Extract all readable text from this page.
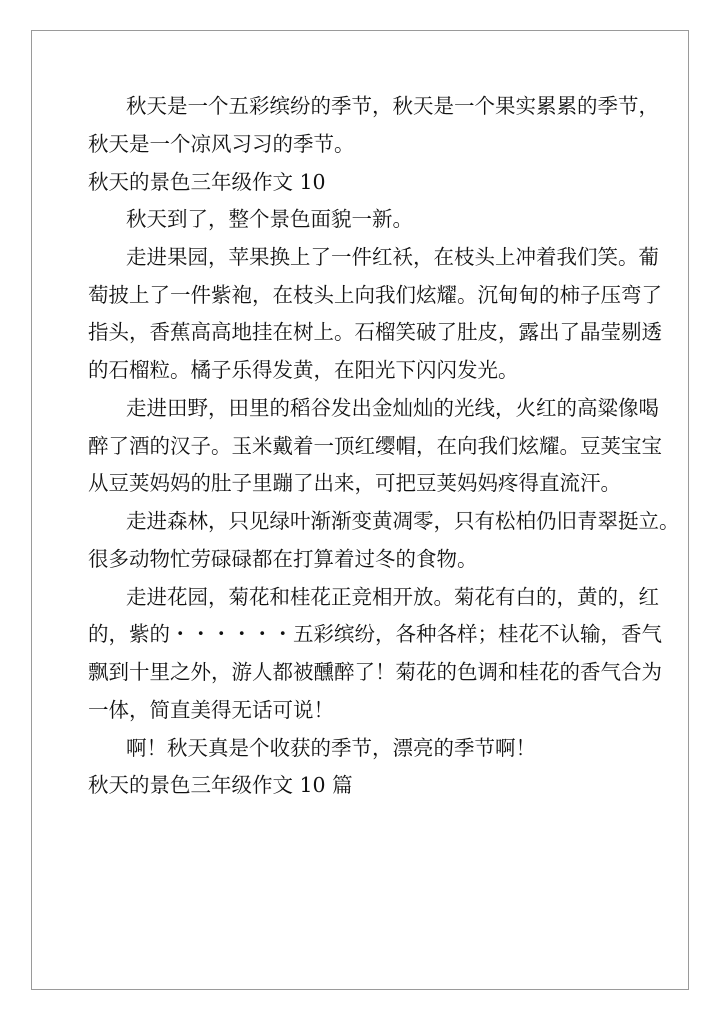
秋天是一个五彩缤纷的季节，秋天是一个果实累累的季节，
秋天是一个凉风习习的季节。
秋天的景色三年级作文 10
秋天到了，整个景色面貌一新。
走进果园，苹果换上了一件红袄，在枝头上冲着我们笑。葡
萄披上了一件紫袍，在枝头上向我们炫耀。沉甸甸的柿子压弯了
指头，香蕉高高地挂在树上。石榴笑破了肚皮，露出了晶莹剔透
的石榴粒。橘子乐得发黄，在阳光下闪闪发光。
走进田野，田里的稻谷发出金灿灿的光线，火红的高粱像喝
醉了酒的汉子。玉米戴着一顶红缨帽，在向我们炫耀。豆荚宝宝
从豆荚妈妈的肚子里蹦了出来，可把豆荚妈妈疼得直流汗。
走进森林，只见绿叶渐渐变黄凋零，只有松柏仍旧青翠挺立。
很多动物忙劳碌碌都在打算着过冬的食物。
走进花园，菊花和桂花正竞相开放。菊花有白的，黄的，红
的，紫的・・・・・・五彩缤纷，各种各样；桂花不认输，香气
飘到十里之外，游人都被醺醉了！菊花的色调和桂花的香气合为
一体，简直美得无话可说！
啊！秋天真是个收获的季节，漂亮的季节啊！
秋天的景色三年级作文 10 篇
